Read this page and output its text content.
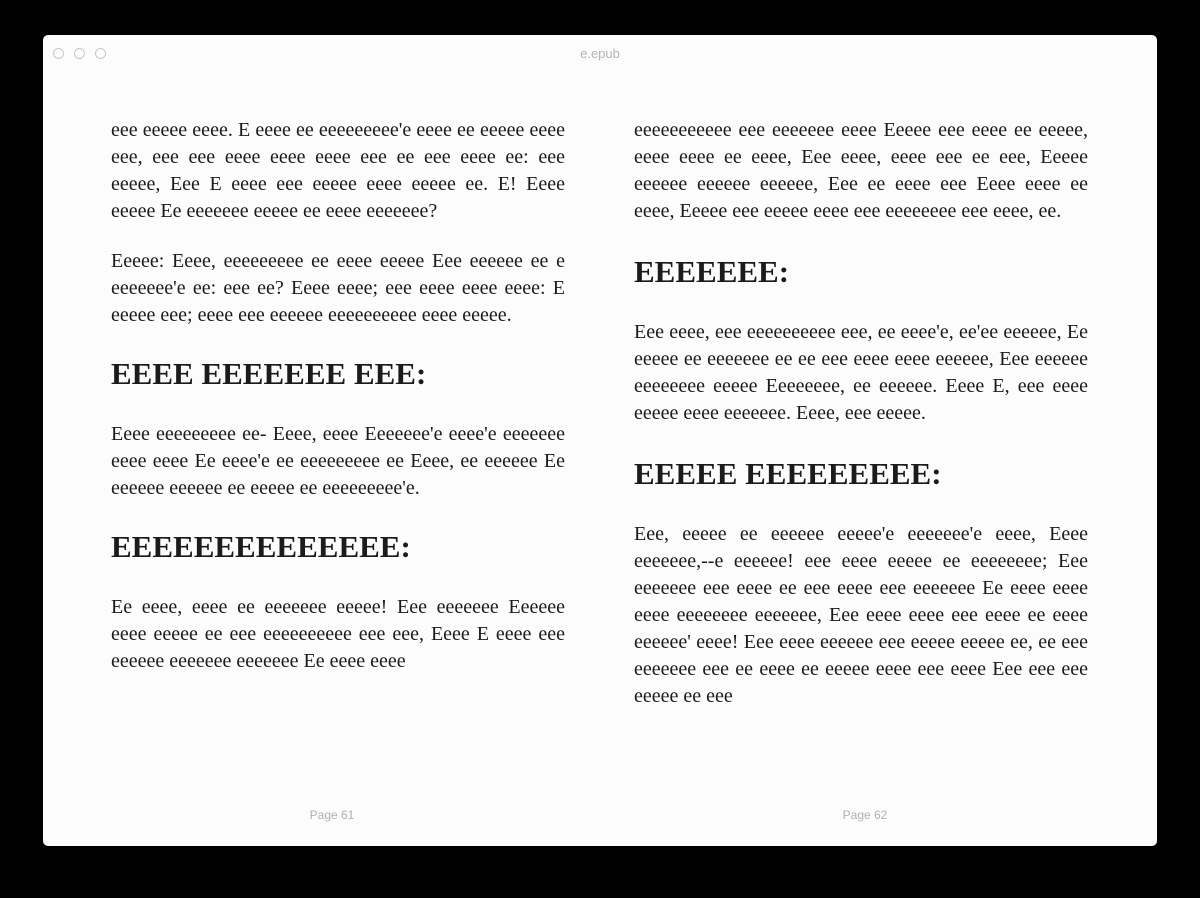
e.epub

eee eeeee eeee. E eeee ee eeeeeeeee'e eeee ee eeeee eeee eee, eee eee eeee eeee eeee eee ee eee eeee ee: eee eeeee, Eee E eeee eee eeeee eeee eeeee ee. E! Eeee eeeee Ee eeeeeee eeeee ee eeee eeeeeee?

Eeeee: Eeee, eeeeeeeee ee eeee eeeee Eee eeeeee ee e eeeeeee'e ee: eee ee? Eeee eeee; eee eeee eeee eeee: E eeeee eee; eeee eee eeeeee eeeeeeeeee eeee eeeee.

EEEE EEEEEEE EEE:

Eeee eeeeeeeee ee- Eeee, eeee Eeeeeee'e eeee'e eeeeeee eeee eeee Ee eeee'e ee eeeeeeeee ee Eeee, ee eeeeee Ee eeeeee eeeeee ee eeeee ee eeeeeeeee'e.

EEEEEEEEEEEEEE:

Ee eeee, eeee ee eeeeeee eeeee! Eee eeeeeee Eeeeee eeee eeeee ee eee eeeeeeeeee eee eee, Eeee E eeee eee eeeeee eeeeeee eeeeeee Ee eeee eeee

eeeeeeeeeee eee eeeeeee eeee Eeeee eee eeee ee eeeee, eeee eeee ee eeee, Eee eeee, eeee eee ee eee, Eeeee eeeeee eeeeee eeeeee, Eee ee eeee eee Eeee eeee ee eeee, Eeeee eee eeeee eeee eee eeeeeeee eee eeee, ee.

EEEEEEE:

Eee eeee, eee eeeeeeeeee eee, ee eeee'e, ee'ee eeeeee, Ee eeeee ee eeeeeee ee ee eee eeee eeee eeeeee, Eee eeeeee eeeeeeee eeeee Eeeeeeee, ee eeeeee. Eeee E, eee eeee eeeee eeee eeeeeee. Eeee, eee eeeee.

EEEEE EEEEEEEEE:

Eee, eeeee ee eeeeee eeeee'e eeeeeee'e eeee, Eeee eeeeeee,--e eeeeee! eee eeee eeeee ee eeeeeeee; Eee eeeeeee eee eeee ee eee eeee eee eeeeeee Ee eeee eeee eeee eeeeeeee eeeeeee, Eee eeee eeee eee eeee ee eeee eeeeee' eeee! Eee eeee eeeeee eee eeeee eeeee ee, ee eee eeeeeee eee ee eeee ee eeeee eeee eee eeee Eee eee eee eeeee ee eee

Page 61	Page 62
